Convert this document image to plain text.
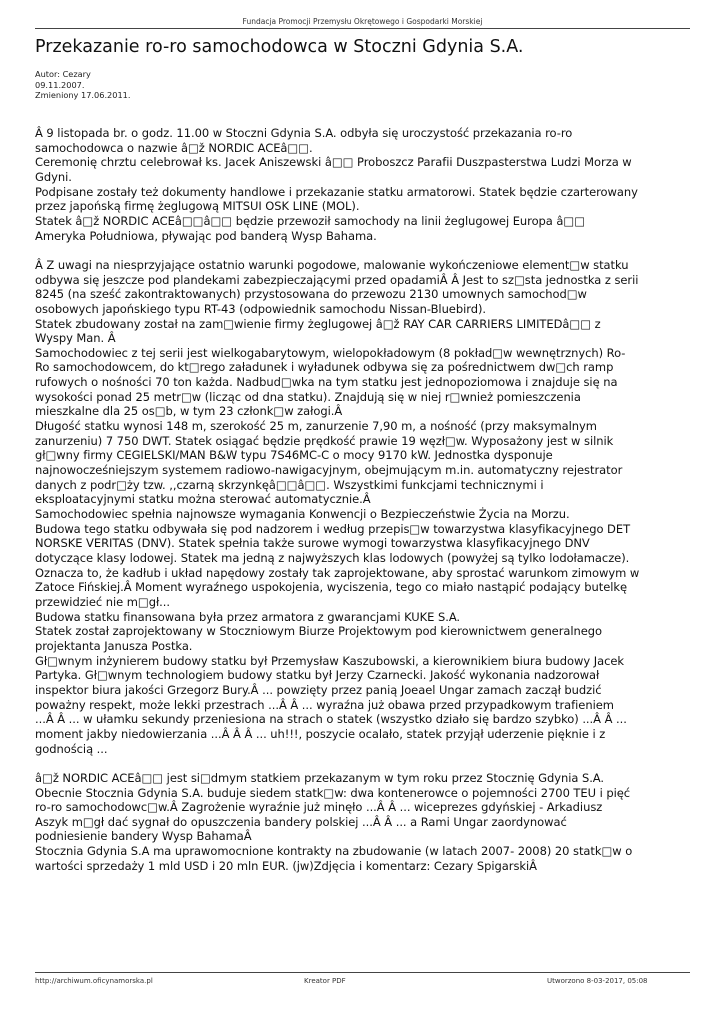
Fundacja Promocji Przemysłu Okrętowego i Gospodarki Morskiej
Przekazanie ro-ro samochodowca w Stoczni Gdynia S.A.
Autor: Cezary
09.11.2007.
Zmieniony 17.06.2011.

Â 9 listopada br. o godz. 11.00 w Stoczni Gdynia S.A. odbyła się uroczystość przekazania ro-ro
samochodowca o nazwie â□ž NORDIC ACEâ□□.
Ceremonię chrztu celebrował ks. Jacek Aniszewski â□□ Proboszcz Parafii Duszpasterstwa Ludzi Morza w
Gdyni.
Podpisane zostały też dokumenty handlowe i przekazanie statku armatorowi. Statek będzie czarterowany
przez japońską firmę żeglugową MITSUI OSK LINE (MOL).
Statek â□ž NORDIC ACEâ□□â□□ będzie przewoził samochody na linii żeglugowej Europa â□□
Ameryka Południowa, pływając pod banderą Wysp Bahama.

Â Z uwagi na niesprzyjające ostatnio warunki pogodowe, malowanie wykończeniowe element□w statku
odbywa się jeszcze pod plandekami zabezpieczającymi przed opadamiÂ Â Jest to sz□sta jednostka z serii
8245 (na sześć zakontraktowanych) przystosowana do przewozu 2130 umownych samochod□w
osobowych japońskiego typu RT-43 (odpowiednik samochodu Nissan-Bluebird).
Statek zbudowany został na zam□wienie firmy żeglugowej â□ž RAY CAR CARRIERS LIMITEDâ□□ z
Wyspy Man. Â
Samochodowiec z tej serii jest wielkogabarytowym, wielopokładowym (8 pokład□w wewnętrznych) Ro-
Ro samochodowcem, do kt□rego załadunek i wyładunek odbywa się za pośrednictwem dw□ch ramp
rufowych o nośności 70 ton każda. Nadbud□wka na tym statku jest jednopoziomowa i znajduje się na
wysokości ponad 25 metr□w (licząc od dna statku). Znajdują się w niej r□wnież pomieszczenia
mieszkalne dla 25 os□b, w tym 23 członk□w załogi.Â
Długość statku wynosi 148 m, szerokość 25 m, zanurzenie 7,90 m, a nośność (przy maksymalnym
zanurzeniu) 7 750 DWT. Statek osiągać będzie prędkość prawie 19 węzł□w. Wyposażony jest w silnik
gł□wny firmy CEGIELSKI/MAN B&W typu 7S46MC-C o mocy 9170 kW. Jednostka dysponuje
najnowocześniejszym systemem radiowo-nawigacyjnym, obejmującym m.in. automatyczny rejestrator
danych z podr□ży tzw. ,,czarną skrzynkęâ□□â□□. Wszystkimi funkcjami technicznymi i
eksploatacyjnymi statku można sterować automatycznie.Â
Samochodowiec spełnia najnowsze wymagania Konwencji o Bezpieczeństwie Życia na Morzu.
Budowa tego statku odbywała się pod nadzorem i według przepis□w towarzystwa klasyfikacyjnego DET
NORSKE VERITAS (DNV). Statek spełnia także surowe wymogi towarzystwa klasyfikacyjnego DNV
dotyczące klasy lodowej. Statek ma jedną z najwyższych klas lodowych (powyżej są tylko lodołamacze).
Oznacza to, że kadłub i układ napędowy zostały tak zaprojektowane, aby sprostać warunkom zimowym w
Zatoce Fińskiej.Â Moment wyraźnego uspokojenia, wyciszenia, tego co miało nastąpić podający butelkę
przewidzieć nie m□gł...
Budowa statku finansowana była przez armatora z gwarancjami KUKE S.A.
Statek został zaprojektowany w Stoczniowym Biurze Projektowym pod kierownictwem generalnego
projektanta Janusza Postka.
Gł□wnym inżynierem budowy statku był Przemysław Kaszubowski, a kierownikiem biura budowy Jacek
Partyka. Gł□wnym technologiem budowy statku był Jerzy Czarnecki. Jakość wykonania nadzorował
inspektor biura jakości Grzegorz Bury.Â ... powzięty przez panią Joeael Ungar zamach zaczął budzić
poważny respekt, może lekki przestrach ...Â Â ... wyraźna już obawa przed przypadkowym trafieniem
...Â Â ... w ułamku sekundy przeniesiona na strach o statek (wszystko działo się bardzo szybko) ...Â Â ...
moment jakby niedowierzania ...Â Â Â ... uh!!!, poszycie ocalało, statek przyjął uderzenie pięknie i z
godnością ...

â□ž NORDIC ACEâ□□ jest si□dmym statkiem przekazanym w tym roku przez Stocznię Gdynia S.A.
Obecnie Stocznia Gdynia S.A. buduje siedem statk□w: dwa kontenerowce o pojemności 2700 TEU i pięć
ro-ro samochodowc□w.Â Zagrożenie wyraźnie już minęło ...Â Â ... wiceprezes gdyńskiej - Arkadiusz
Aszyk m□gł dać sygnał do opuszczenia bandery polskiej ...Â Â ... a Rami Ungar zaordynować
podniesienie bandery Wysp BahamaÂ
Stocznia Gdynia S.A ma uprawomocnione kontrakty na zbudowanie (w latach 2007- 2008) 20 statk□w o
wartości sprzedaży 1 mld USD i 20 mln EUR. (jw)Zdjęcia i komentarz: Cezary SpigarskiÂ

http://archiwum.oficynamorska.pl	Kreator PDF	Utworzono 8-03-2017, 05:08
